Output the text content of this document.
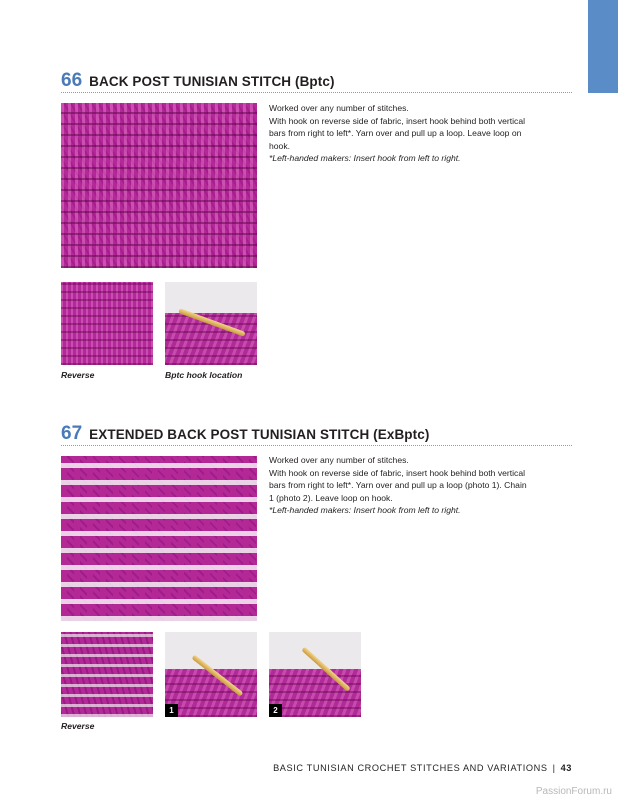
66 BACK POST TUNISIAN STITCH (Bptc)

Worked over any number of stitches.

With hook on reverse side of fabric, insert hook behind both vertical bars from right to left*. Yarn over and pull up a loop. Leave loop on hook.

*Left-handed makers: Insert hook from left to right.

Reverse	Bptc hook location
67 EXTENDED BACK POST TUNISIAN STITCH (ExBptc)

Worked over any number of stitches.

With hook on reverse side of fabric, insert hook behind both vertical bars from right to left*. Yarn over and pull up a loop (photo 1). Chain 1 (photo 2). Leave loop on hook.

*Left-handed makers: Insert hook from left to right.

1	2
Reverse
BASIC TUNISIAN CROCHET STITCHES AND VARIATIONS | 43
PassionForum.ru
